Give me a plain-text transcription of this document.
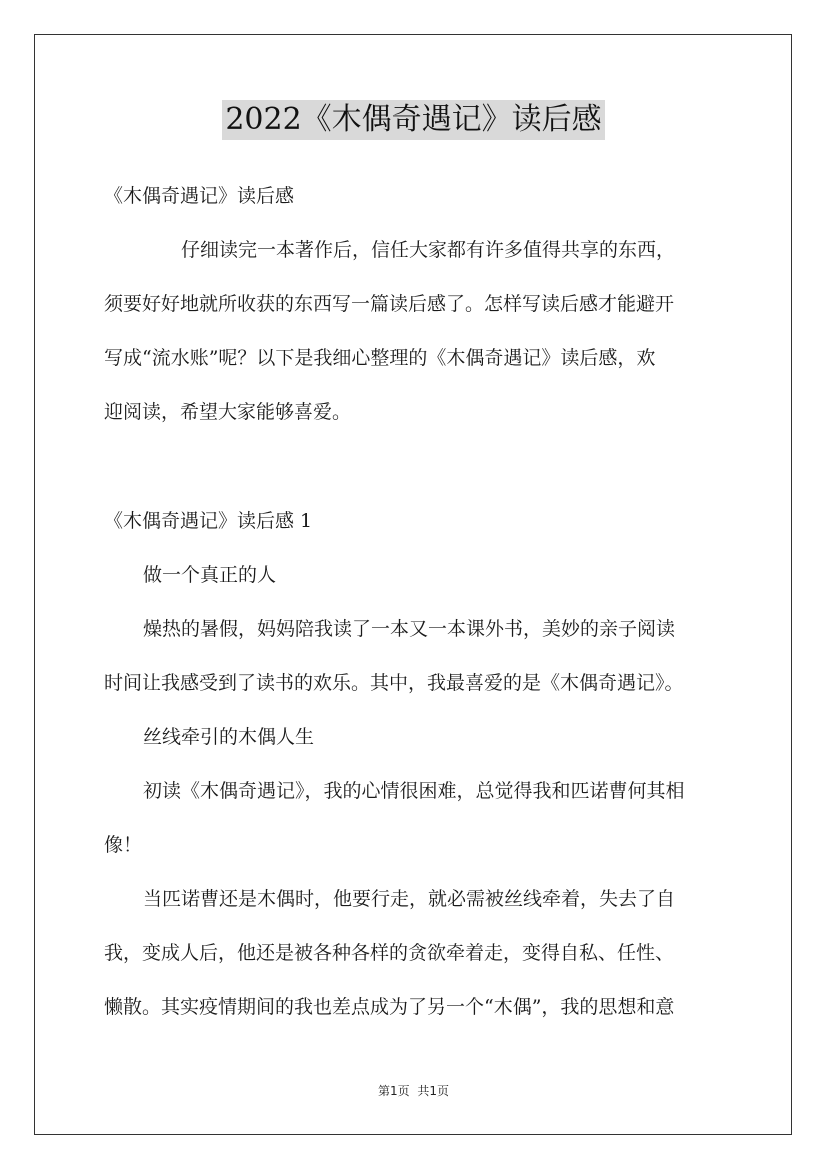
2022《木偶奇遇记》读后感
《木偶奇遇记》读后感
仔细读完一本著作后，信任大家都有许多值得共享的东西，
须要好好地就所收获的东西写一篇读后感了。怎样写读后感才能避开
写成“流水账”呢？以下是我细心整理的《木偶奇遇记》读后感，欢
迎阅读，希望大家能够喜爱。
《木偶奇遇记》读后感 1
做一个真正的人
燥热的暑假，妈妈陪我读了一本又一本课外书，美妙的亲子阅读
时间让我感受到了读书的欢乐。其中，我最喜爱的是《木偶奇遇记》。
丝线牵引的木偶人生
初读《木偶奇遇记》，我的心情很困难，总觉得我和匹诺曹何其相
像！
当匹诺曹还是木偶时，他要行走，就必需被丝线牵着，失去了自
我，变成人后，他还是被各种各样的贪欲牵着走，变得自私、任性、
懒散。其实疫情期间的我也差点成为了另一个“木偶”，我的思想和意
第1页 共1页
